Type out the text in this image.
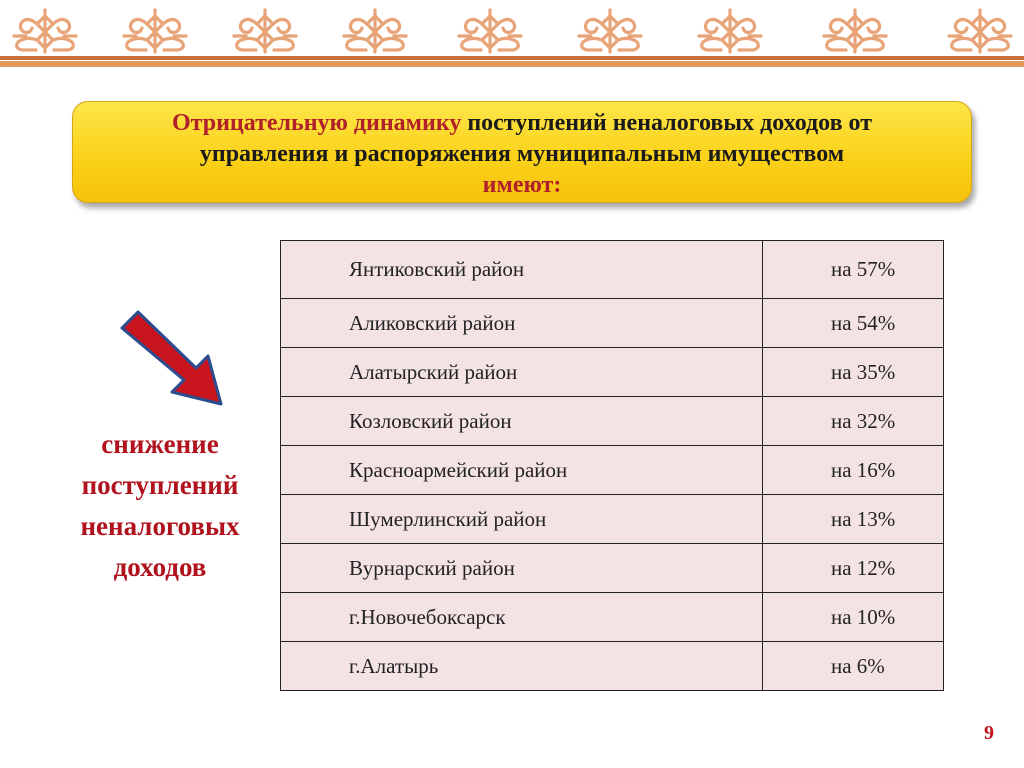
Отрицательную динамику поступлений неналоговых доходов от

управления и распоряжения муниципальным имуществом

имеют:

снижение
поступлений
неналоговых
доходов
Янтиковский район	на 57%
Аликовский район	на 54%
Алатырский район	на 35%
Козловский район	на 32%
Красноармейский район	на 16%
Шумерлинский район	на 13%
Вурнарский район	на 12%
г.Новочебоксарск	на 10%
г.Алатырь	на 6%
9
